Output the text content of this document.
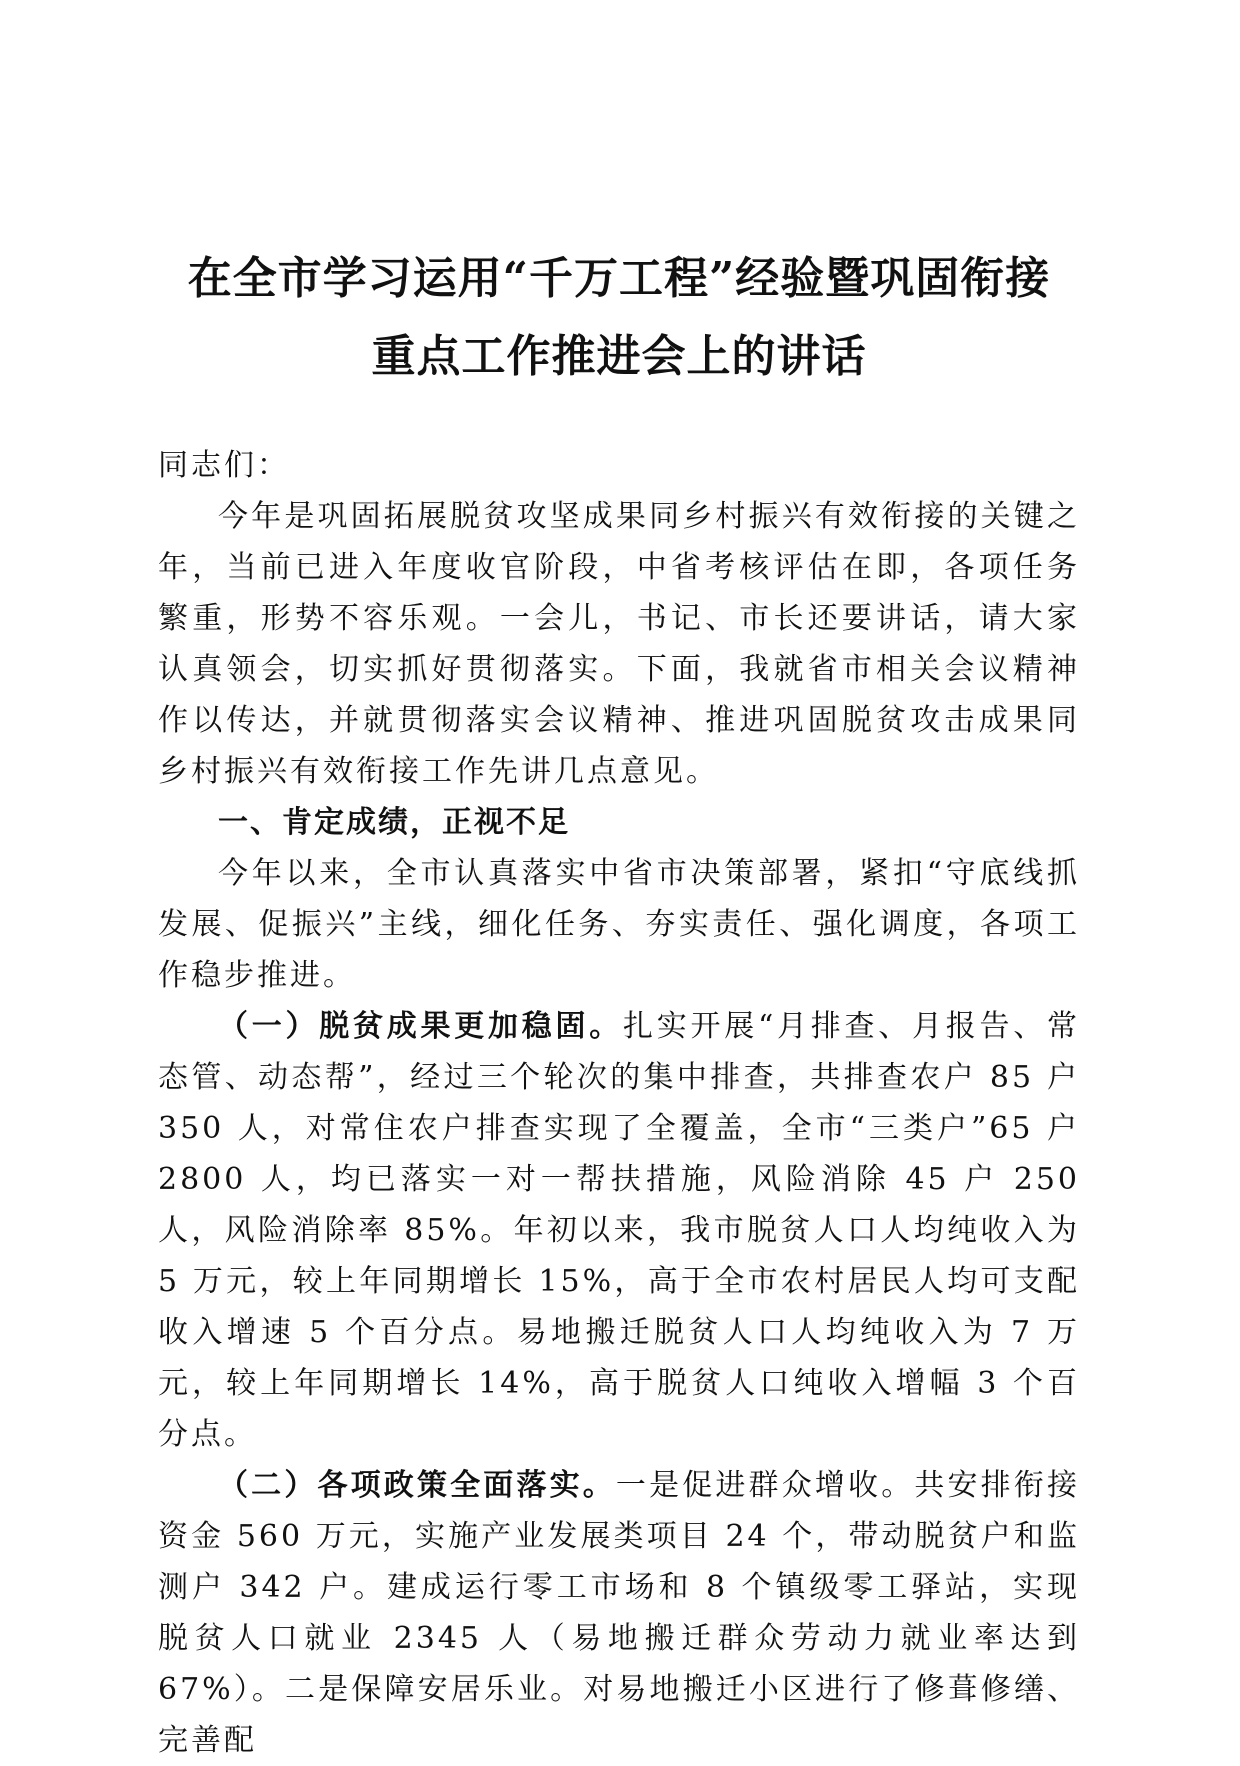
在全市学习运用“千万工程”经验暨巩固衔接
重点工作推进会上的讲话

同志们：

今年是巩固拓展脱贫攻坚成果同乡村振兴有效衔接的关键之年，当前已进入年度收官阶段，中省考核评估在即，各项任务繁重，形势不容乐观。一会儿，书记、市长还要讲话，请大家认真领会，切实抓好贯彻落实。下面，我就省市相关会议精神作以传达，并就贯彻落实会议精神、推进巩固脱贫攻击成果同乡村振兴有效衔接工作先讲几点意见。

一、肯定成绩，正视不足

今年以来，全市认真落实中省市决策部署，紧扣“守底线抓发展、促振兴”主线，细化任务、夯实责任、强化调度，各项工作稳步推进。

（一）脱贫成果更加稳固。扎实开展“月排查、月报告、常态管、动态帮”，经过三个轮次的集中排查，共排查农户 85 户 350 人，对常住农户排查实现了全覆盖，全市“三类户”65 户 2800 人，均已落实一对一帮扶措施，风险消除 45 户 250 人，风险消除率 85%。年初以来，我市脱贫人口人均纯收入为 5 万元，较上年同期增长 15%，高于全市农村居民人均可支配收入增速 5 个百分点。易地搬迁脱贫人口人均纯收入为 7 万元，较上年同期增长 14%，高于脱贫人口纯收入增幅 3 个百分点。

（二）各项政策全面落实。一是促进群众增收。共安排衔接资金 560 万元，实施产业发展类项目 24 个，带动脱贫户和监测户 342 户。建成运行零工市场和 8 个镇级零工驿站，实现脱贫人口就业 2345 人（易地搬迁群众劳动力就业率达到67%）。二是保障安居乐业。对易地搬迁小区进行了修葺修缮、完善配
